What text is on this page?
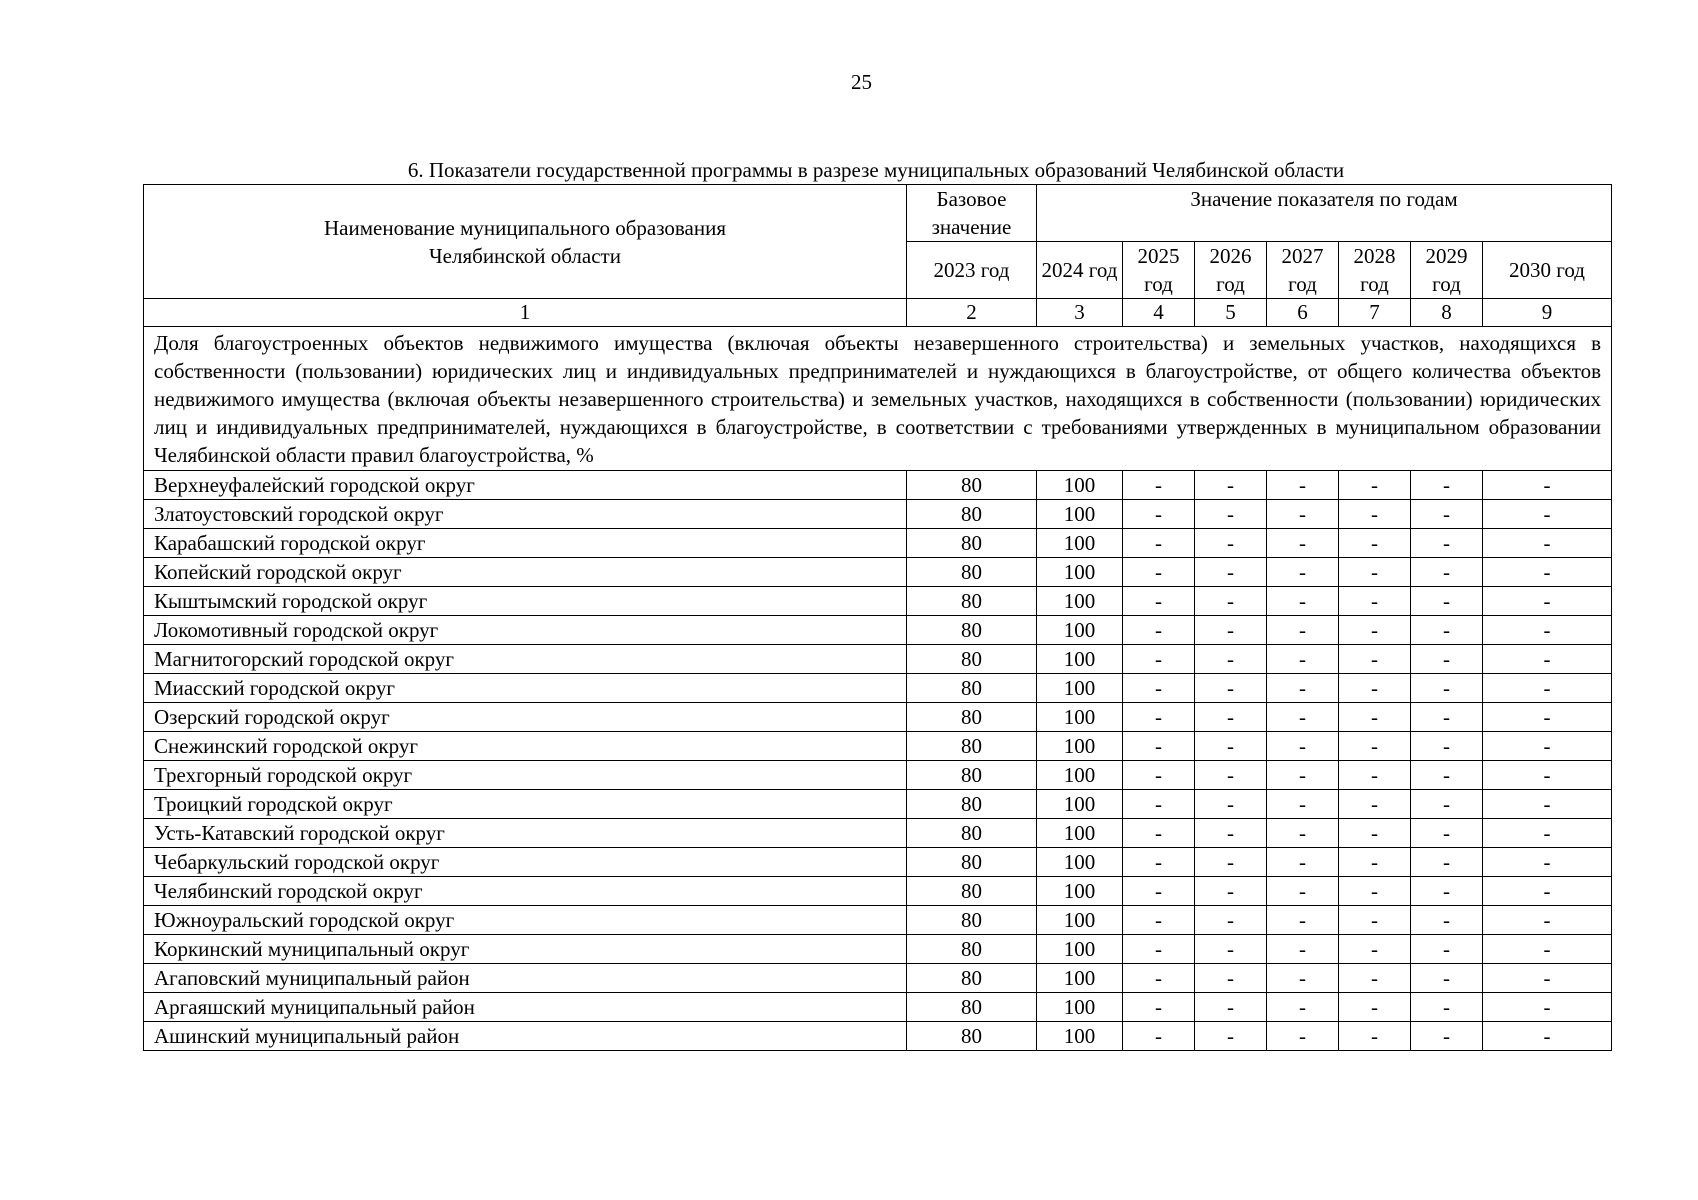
25
6. Показатели государственной программы в разрезе муниципальных образований Челябинской области
Наименование муниципального образования Челябинской области	Базовое значение	Значение показателя по годам						
	2023 год	2024 год	2025 год	2026 год	2027 год	2028 год	2029 год	2030 год
1	2	3	4	5	6	7	8	9
Доля благоустроенных объектов недвижимого имущества (включая объекты незавершенного строительства) и земельных участков, находящихся в собственности (пользовании) юридических лиц и индивидуальных предпринимателей и нуждающихся в благоустройстве, от общего количества объектов недвижимого имущества (включая объекты незавершенного строительства) и земельных участков, находящихся в собственности (пользовании) юридических лиц и индивидуальных предпринимателей, нуждающихся в благоустройстве, в соответствии с требованиями утвержденных в муниципальном образовании Челябинской области правил благоустройства, %								
Верхнеуфалейский городской округ	80	100	-	-	-	-	-	-
Златоустовский городской округ	80	100	-	-	-	-	-	-
Карабашский городской округ	80	100	-	-	-	-	-	-
Копейский городской округ	80	100	-	-	-	-	-	-
Кыштымский городской округ	80	100	-	-	-	-	-	-
Локомотивный городской округ	80	100	-	-	-	-	-	-
Магнитогорский городской округ	80	100	-	-	-	-	-	-
Миасский городской округ	80	100	-	-	-	-	-	-
Озерский городской округ	80	100	-	-	-	-	-	-
Снежинский городской округ	80	100	-	-	-	-	-	-
Трехгорный городской округ	80	100	-	-	-	-	-	-
Троицкий городской округ	80	100	-	-	-	-	-	-
Усть-Катавский городской округ	80	100	-	-	-	-	-	-
Чебаркульский городской округ	80	100	-	-	-	-	-	-
Челябинский городской округ	80	100	-	-	-	-	-	-
Южноуральский городской округ	80	100	-	-	-	-	-	-
Коркинский муниципальный округ	80	100	-	-	-	-	-	-
Агаповский муниципальный район	80	100	-	-	-	-	-	-
Аргаяшский муниципальный район	80	100	-	-	-	-	-	-
Ашинский муниципальный район	80	100	-	-	-	-	-	-
